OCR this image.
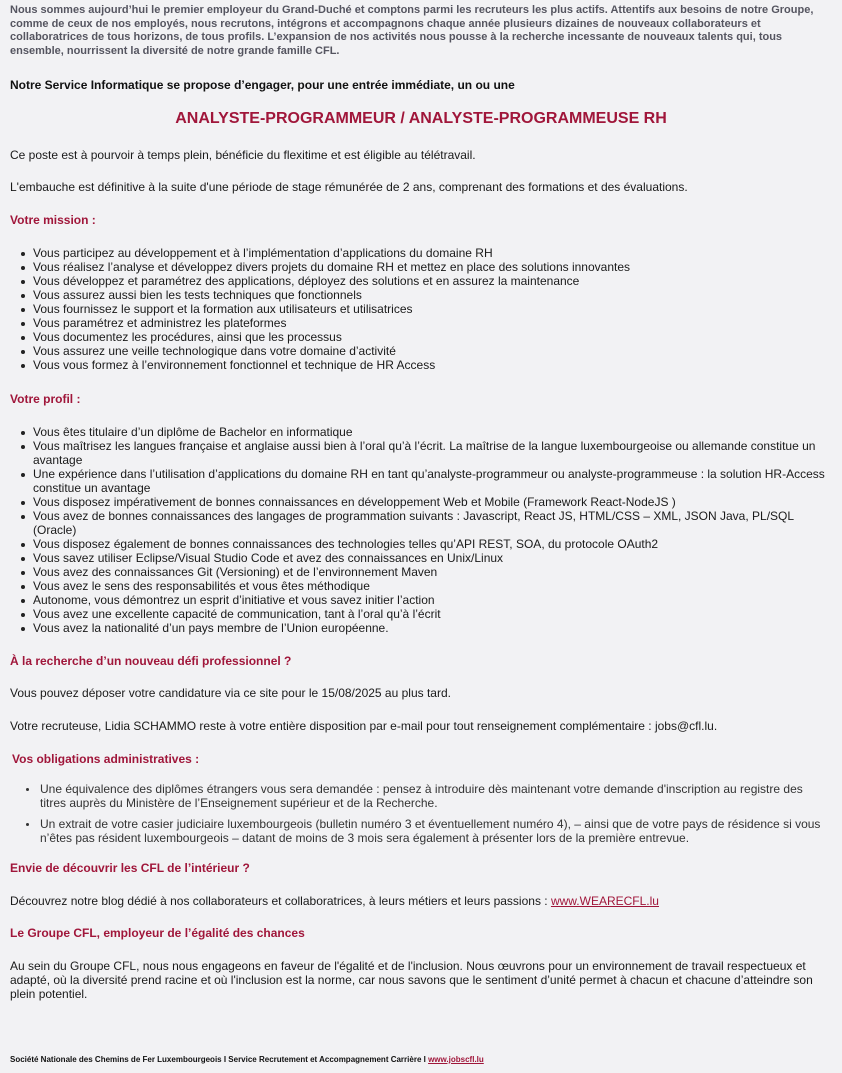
Nous sommes aujourd’hui le premier employeur du Grand-Duché et comptons parmi les recruteurs les plus actifs. Attentifs aux besoins de notre Groupe, comme de ceux de nos employés, nous recrutons, intégrons et accompagnons chaque année plusieurs dizaines de nouveaux collaborateurs et collaboratrices de tous horizons, de tous profils. L’expansion de nos activités nous pousse à la recherche incessante de nouveaux talents qui, tous ensemble, nourrissent la diversité de notre grande famille CFL.
Notre Service Informatique se propose d’engager, pour une entrée immédiate, un ou une
ANALYSTE-PROGRAMMEUR / ANALYSTE-PROGRAMMEUSE RH
Ce poste est à pourvoir à temps plein, bénéficie du flexitime et est éligible au télétravail.
L'embauche est définitive à la suite d'une période de stage rémunérée de 2 ans, comprenant des formations et des évaluations.
Votre mission :
Vous participez au développement et à l’implémentation d’applications du domaine RH
Vous réalisez l’analyse et développez divers projets du domaine RH et mettez en place des solutions innovantes
Vous développez et paramétrez des applications, déployez des solutions et en assurez la maintenance
Vous assurez aussi bien les tests techniques que fonctionnels
Vous fournissez le support et la formation aux utilisateurs et utilisatrices
Vous paramétrez et administrez les plateformes
Vous documentez les procédures, ainsi que les processus
Vous assurez une veille technologique dans votre domaine d’activité
Vous vous formez à l’environnement fonctionnel et technique de HR Access
Votre profil :
Vous êtes titulaire d’un diplôme de Bachelor en informatique
Vous maîtrisez les langues française et anglaise aussi bien à l’oral qu’à l’écrit. La maîtrise de la langue luxembourgeoise ou allemande constitue un avantage
Une expérience dans l’utilisation d’applications du domaine RH en tant qu’analyste-programmeur ou analyste-programmeuse : la solution HR-Access constitue un avantage
Vous disposez impérativement de bonnes connaissances en développement Web et Mobile (Framework React-NodeJS )
Vous avez de bonnes connaissances des langages de programmation suivants : Javascript, React JS, HTML/CSS – XML, JSON Java, PL/SQL (Oracle)
Vous disposez également de bonnes connaissances des technologies telles qu’API REST, SOA, du protocole OAuth2
Vous savez utiliser Eclipse/Visual Studio Code et avez des connaissances en Unix/Linux
Vous avez des connaissances Git (Versioning) et de l’environnement Maven
Vous avez le sens des responsabilités et vous êtes méthodique
Autonome, vous démontrez un esprit d’initiative et vous savez initier l’action
Vous avez une excellente capacité de communication, tant à l’oral qu’à l’écrit
Vous avez la nationalité d’un pays membre de l’Union européenne.
À la recherche d’un nouveau défi professionnel ?
Vous pouvez déposer votre candidature via ce site pour le 15/08/2025 au plus tard.
Votre recruteuse, Lidia SCHAMMO reste à votre entière disposition par e-mail pour tout renseignement complémentaire : jobs@cfl.lu.
Vos obligations administratives :
Une équivalence des diplômes étrangers vous sera demandée : pensez à introduire dès maintenant votre demande d'inscription au registre des titres auprès du Ministère de l’Enseignement supérieur et de la Recherche.
Un extrait de votre casier judiciaire luxembourgeois (bulletin numéro 3 et éventuellement numéro 4), – ainsi que de votre pays de résidence si vous n’êtes pas résident luxembourgeois – datant de moins de 3 mois sera également à présenter lors de la première entrevue.
Envie de découvrir les CFL de l’intérieur ?
Découvrez notre blog dédié à nos collaborateurs et collaboratrices, à leurs métiers et leurs passions : www.WEARECFL.lu
Le Groupe CFL, employeur de l’égalité des chances
Au sein du Groupe CFL, nous nous engageons en faveur de l'égalité et de l'inclusion. Nous œuvrons pour un environnement de travail respectueux et adapté, où la diversité prend racine et où l'inclusion est la norme, car nous savons que le sentiment d’unité permet à chacun et chacune d’atteindre son plein potentiel.
Société Nationale des Chemins de Fer Luxembourgeois I Service Recrutement et Accompagnement Carrière I www.jobscfl.lu
